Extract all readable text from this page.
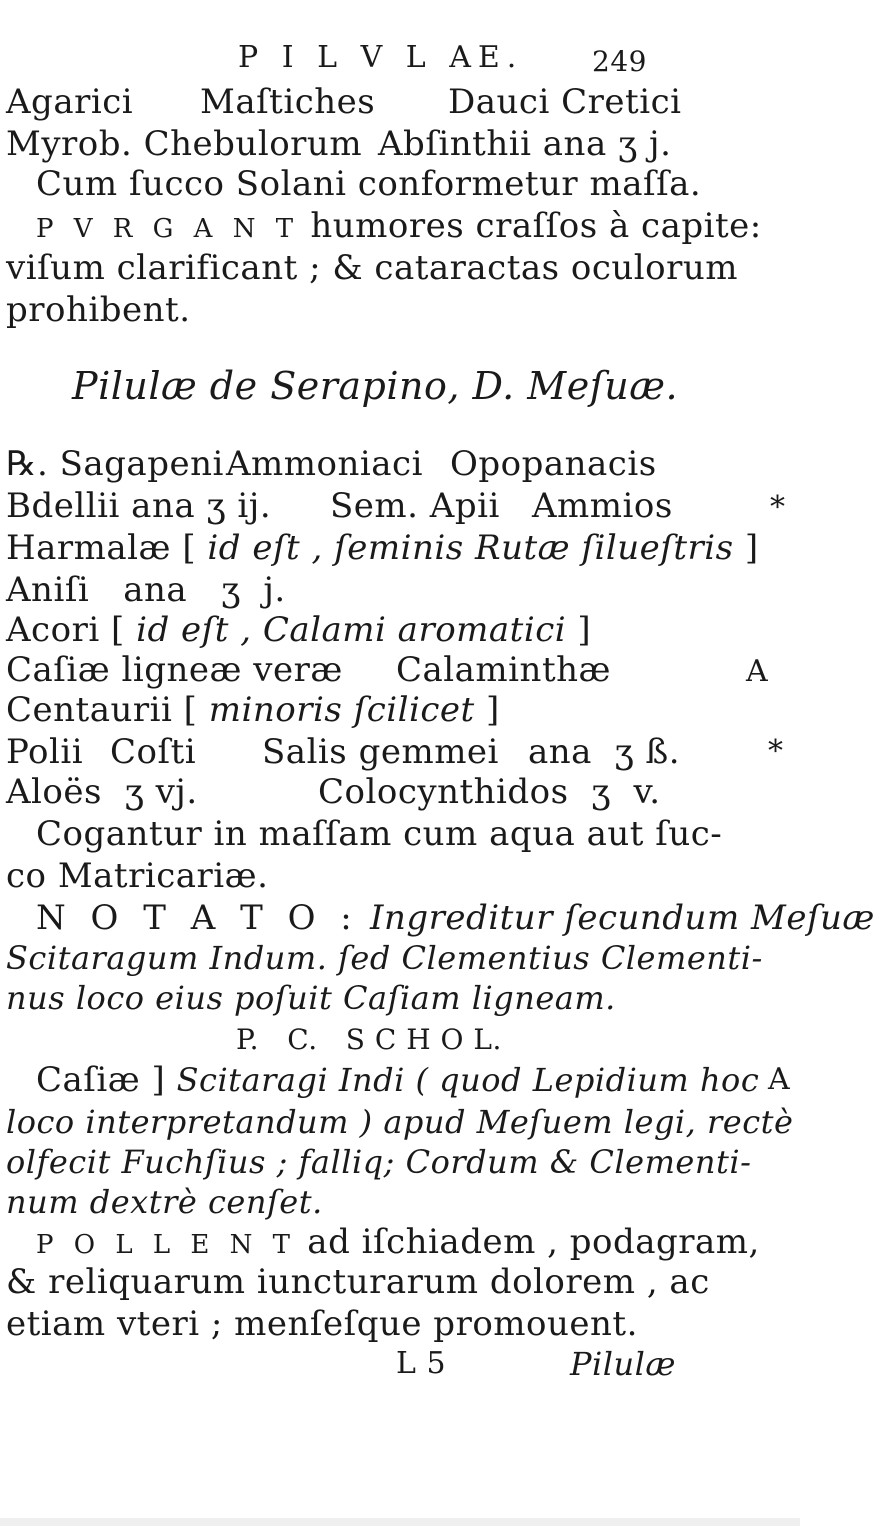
P I L V L AE. 249
Agarici Maſtiches Dauci Cretici
Myrob. Chebulorum Abſinthii ana ʒ j.
Cum ſucco Solani conformetur maſſa.
P V R G A N T humores craſſos à capite:
viſum clarificant ; & cataractas oculorum
prohibent.
Pilulæ de Serapino, D. Meſuæ.
℞. Sagapeni Ammoniaci Opopanacis
Bdellii ana ʒ ij. Sem. Apii Ammios	*
Harmalæ [ id eſt , ſeminis Rutæ ſilueſtris ]
Aniſi   ana   ʒ  j.
Acori [ id eſt , Calami aromatici ]
Caſiæ ligneæ veræ Calaminthæ	A
Centaurii [ minoris ſcilicet ]
Polii Coſti Salis gemmei ana  ʒ ß.	*
Aloës  ʒ vj.	Colocynthidos  ʒ  v.
Cogantur in maſſam cum aqua aut ſuc-
co Matricariæ.
N O T A T O : Ingreditur ſecundum Meſuæ
Scitaragum Indum. ſed Clementius Clementi-
nus loco eius poſuit Caſiam ligneam.
P.   C.   S C H O L.
Caſiæ ] Scitaragi Indi ( quod Lepidium hoc A
loco interpretandum ) apud Meſuem legi, rectè
olfecit Fuchſius ; falliq; Cordum & Clementi-
num dextrè cenſet.
P O L L E N T ad iſchiadem , podagram,
& reliquarum iuncturarum dolorem , ac
etiam vteri ; menſeſque promouent.
L 5	Pilulæ
